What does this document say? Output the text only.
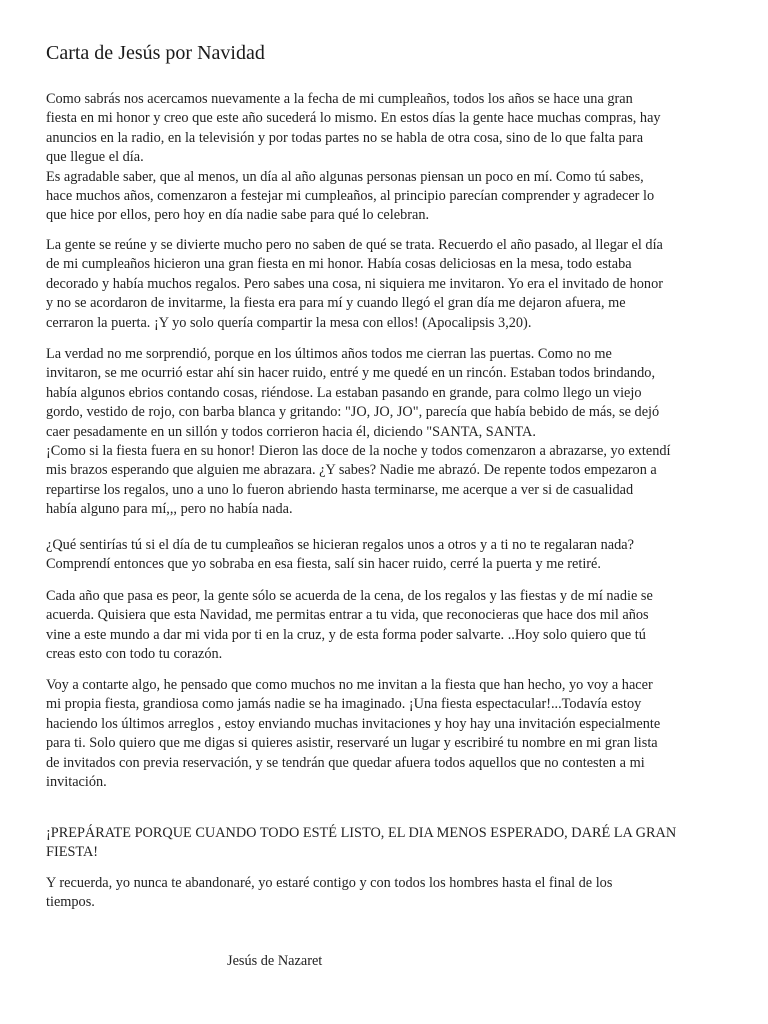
Carta de Jesús por Navidad
Como sabrás nos acercamos nuevamente a la fecha de mi cumpleaños, todos los años se hace una gran
fiesta en mi honor y creo que este año sucederá lo mismo. En estos días la gente hace muchas compras, hay
anuncios en la radio, en la televisión y por todas partes no se habla de otra cosa, sino de lo que falta para
que llegue el día.
Es agradable saber, que al menos, un día al año algunas personas piensan un poco en mí. Como tú sabes,
hace muchos años, comenzaron a festejar mi cumpleaños, al principio parecían comprender y agradecer lo
que hice por ellos, pero hoy en día nadie sabe para qué lo celebran.
La gente se reúne y se divierte mucho pero no saben de qué se trata. Recuerdo el año pasado, al llegar el día
de mi cumpleaños hicieron una gran fiesta en mi honor. Había cosas deliciosas en la mesa, todo estaba
decorado y había muchos regalos. Pero sabes una cosa, ni siquiera me invitaron. Yo era el invitado de honor
y no se acordaron de invitarme, la fiesta era para mí y cuando llegó el gran día me dejaron afuera, me
cerraron la puerta. ¡Y yo solo quería compartir la mesa con ellos! (Apocalipsis 3,20).
La verdad no me sorprendió, porque en los últimos años todos me cierran las puertas. Como no me
invitaron, se me ocurrió estar ahí sin hacer ruido, entré y me quedé en un rincón. Estaban todos brindando,
había algunos ebrios contando cosas, riéndose. La estaban pasando en grande, para colmo llego un viejo
gordo, vestido de rojo, con barba blanca y gritando: "JO, JO, JO", parecía que había bebido de más, se dejó
caer pesadamente en un sillón y todos corrieron hacia él, diciendo "SANTA, SANTA.
¡Como si la fiesta fuera en su honor! Dieron las doce de la noche y todos comenzaron a abrazarse, yo extendí
mis brazos esperando que alguien me abrazara. ¿Y sabes? Nadie me abrazó. De repente todos empezaron a
repartirse los regalos, uno a uno lo fueron abriendo hasta terminarse, me acerque a ver si de casualidad
había alguno para mí,,, pero no había nada.
¿Qué sentirías tú si el día de tu cumpleaños se hicieran regalos unos a otros y a ti no te regalaran nada?
Comprendí entonces que yo sobraba en esa fiesta, salí sin hacer ruido, cerré la puerta y me retiré.
Cada año que pasa es peor, la gente sólo se acuerda de la cena, de los regalos y las fiestas y de mí nadie se
acuerda. Quisiera que esta Navidad, me permitas entrar a tu vida, que reconocieras que hace dos mil años
vine a este mundo a dar mi vida por ti en la cruz, y de esta forma poder salvarte. ..Hoy solo quiero que tú
creas esto con todo tu corazón.
Voy a contarte algo, he pensado que como muchos no me invitan a la fiesta que han hecho, yo voy a hacer
mi propia fiesta, grandiosa como jamás nadie se ha imaginado. ¡Una fiesta espectacular!...Todavía estoy
haciendo los últimos arreglos , estoy enviando muchas invitaciones y hoy hay una invitación especialmente
para ti. Solo quiero que me digas si quieres asistir, reservaré un lugar y escribiré tu nombre en mi gran lista
de invitados con previa reservación, y se tendrán que quedar afuera todos aquellos que no contesten a mi
invitación.
¡PREPÁRATE PORQUE CUANDO TODO ESTÉ LISTO, EL DIA MENOS ESPERADO, DARÉ LA GRAN
FIESTA!
Y recuerda, yo nunca te abandonaré, yo estaré contigo y con todos los hombres hasta el final de los
tiempos.
Jesús de Nazaret
